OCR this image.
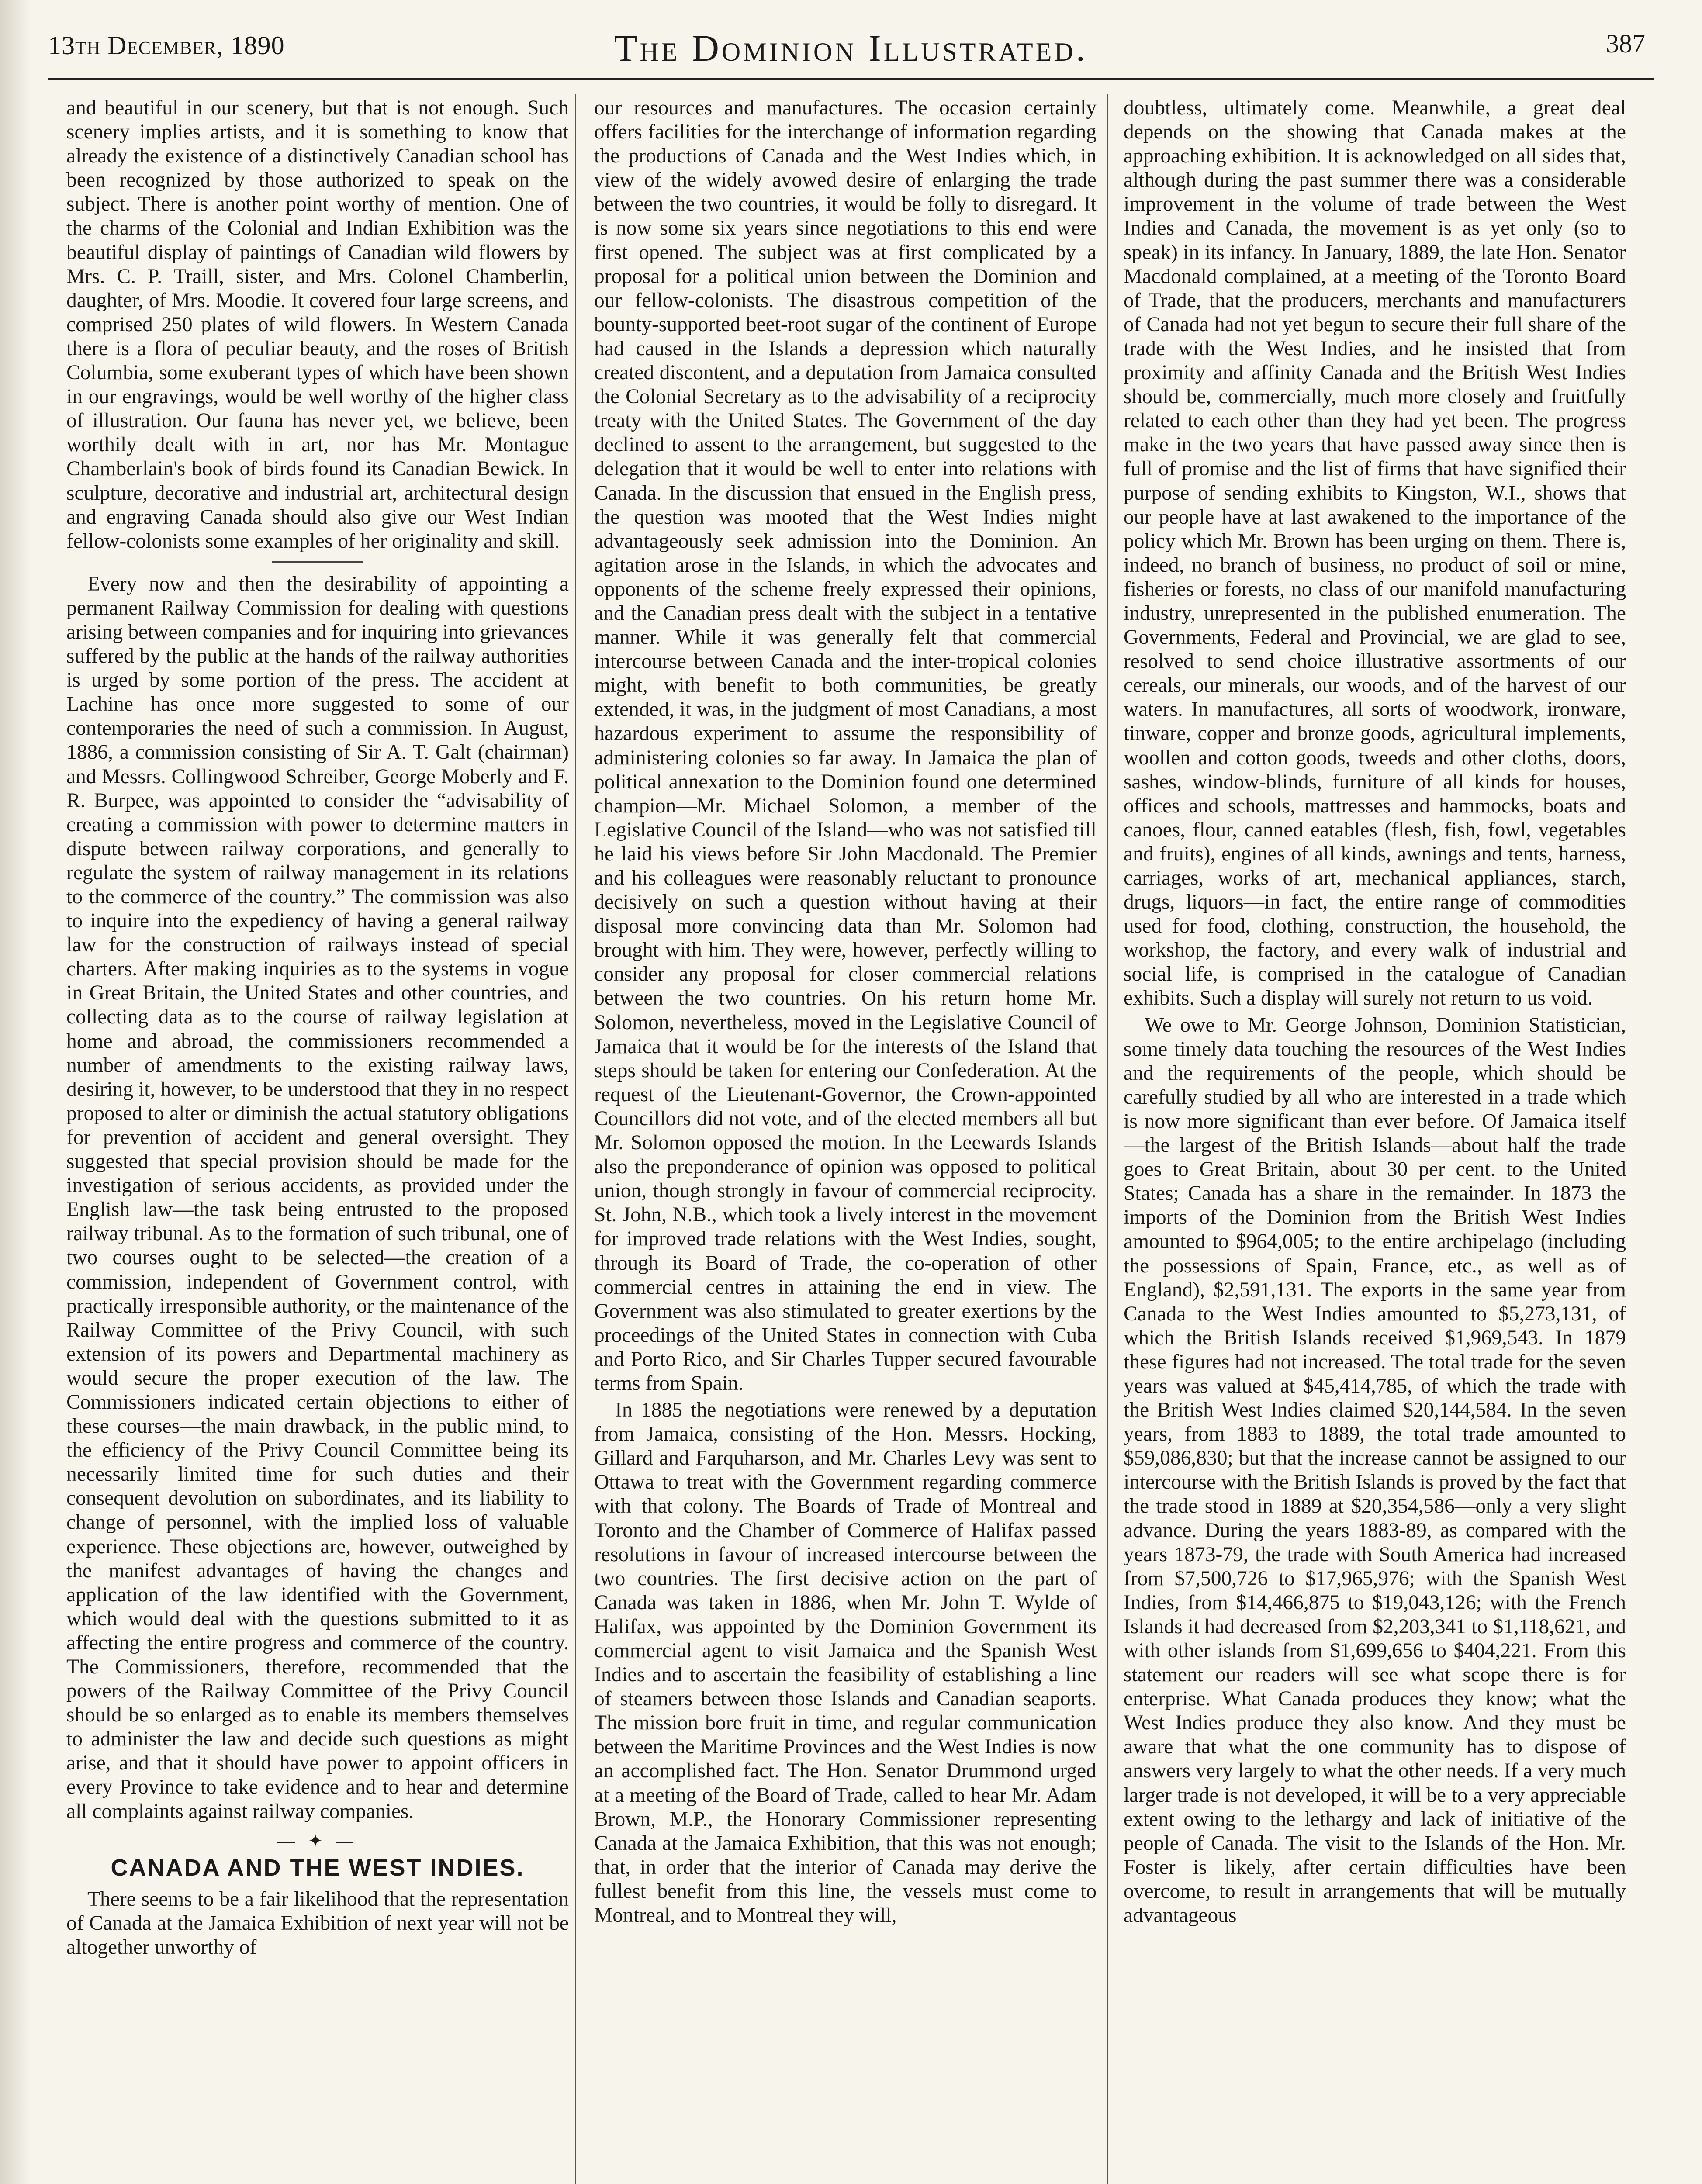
13th December, 1890	The Dominion Illustrated.	387

and beautiful in our scenery, but that is not enough. Such scenery implies artists, and it is something to know that already the existence of a distinctively Canadian school has been recognized by those authorized to speak on the subject. There is another point worthy of mention. One of the charms of the Colonial and Indian Exhibition was the beautiful display of paintings of Canadian wild flowers by Mrs. C. P. Traill, sister, and Mrs. Colonel Chamberlin, daughter, of Mrs. Moodie. It covered four large screens, and comprised 250 plates of wild flowers. In Western Canada there is a flora of peculiar beauty, and the roses of British Columbia, some exuberant types of which have been shown in our engravings, would be well worthy of the higher class of illustration. Our fauna has never yet, we believe, been worthily dealt with in art, nor has Mr. Montague Chamberlain's book of birds found its Canadian Bewick. In sculpture, decorative and industrial art, architectural design and engraving Canada should also give our West Indian fellow-colonists some examples of her originality and skill.

Every now and then the desirability of appointing a permanent Railway Commission for dealing with questions arising between companies and for inquiring into grievances suffered by the public at the hands of the railway authorities is urged by some portion of the press. The accident at Lachine has once more suggested to some of our contemporaries the need of such a commission. In August, 1886, a commission consisting of Sir A. T. Galt (chairman) and Messrs. Collingwood Schreiber, George Moberly and F. R. Burpee, was appointed to consider the “advisability of creating a commission with power to determine matters in dispute between railway corporations, and generally to regulate the system of railway management in its relations to the commerce of the country.” The commission was also to inquire into the expediency of having a general railway law for the construction of railways instead of special charters. After making inquiries as to the systems in vogue in Great Britain, the United States and other countries, and collecting data as to the course of railway legislation at home and abroad, the commissioners recommended a number of amendments to the existing railway laws, desiring it, however, to be understood that they in no respect proposed to alter or diminish the actual statutory obligations for prevention of accident and general oversight. They suggested that special provision should be made for the investigation of serious accidents, as provided under the English law—the task being entrusted to the proposed railway tribunal. As to the formation of such tribunal, one of two courses ought to be selected—the creation of a commission, independent of Government control, with practically irresponsible authority, or the maintenance of the Railway Committee of the Privy Council, with such extension of its powers and Departmental machinery as would secure the proper execution of the law. The Commissioners indicated certain objections to either of these courses—the main drawback, in the public mind, to the efficiency of the Privy Council Committee being its necessarily limited time for such duties and their consequent devolution on subordinates, and its liability to change of personnel, with the implied loss of valuable experience. These objections are, however, outweighed by the manifest advantages of having the changes and application of the law identified with the Government, which would deal with the questions submitted to it as affecting the entire progress and commerce of the country. The Commissioners, therefore, recommended that the powers of the Railway Committee of the Privy Council should be so enlarged as to enable its members themselves to administer the law and decide such questions as might arise, and that it should have power to appoint officers in every Province to take evidence and to hear and determine all complaints against railway companies.

— ✦ —
CANADA AND THE WEST INDIES.

There seems to be a fair likelihood that the representation of Canada at the Jamaica Exhibition of next year will not be altogether unworthy of

our resources and manufactures. The occasion certainly offers facilities for the interchange of information regarding the productions of Canada and the West Indies which, in view of the widely avowed desire of enlarging the trade between the two countries, it would be folly to disregard. It is now some six years since negotiations to this end were first opened. The subject was at first complicated by a proposal for a political union between the Dominion and our fellow-colonists. The disastrous competition of the bounty-supported beet-root sugar of the continent of Europe had caused in the Islands a depression which naturally created discontent, and a deputation from Jamaica consulted the Colonial Secretary as to the advisability of a reciprocity treaty with the United States. The Government of the day declined to assent to the arrangement, but suggested to the delegation that it would be well to enter into relations with Canada. In the discussion that ensued in the English press, the question was mooted that the West Indies might advantageously seek admission into the Dominion. An agitation arose in the Islands, in which the advocates and opponents of the scheme freely expressed their opinions, and the Canadian press dealt with the subject in a tentative manner. While it was generally felt that commercial intercourse between Canada and the inter-tropical colonies might, with benefit to both communities, be greatly extended, it was, in the judgment of most Canadians, a most hazardous experiment to assume the responsibility of administering colonies so far away. In Jamaica the plan of political annexation to the Dominion found one determined champion—Mr. Michael Solomon, a member of the Legislative Council of the Island—who was not satisfied till he laid his views before Sir John Macdonald. The Premier and his colleagues were reasonably reluctant to pronounce decisively on such a question without having at their disposal more convincing data than Mr. Solomon had brought with him. They were, however, perfectly willing to consider any proposal for closer commercial relations between the two countries. On his return home Mr. Solomon, nevertheless, moved in the Legislative Council of Jamaica that it would be for the interests of the Island that steps should be taken for entering our Confederation. At the request of the Lieutenant-Governor, the Crown-appointed Councillors did not vote, and of the elected members all but Mr. Solomon opposed the motion. In the Leewards Islands also the preponderance of opinion was opposed to political union, though strongly in favour of commercial reciprocity. St. John, N.B., which took a lively interest in the movement for improved trade relations with the West Indies, sought, through its Board of Trade, the co-operation of other commercial centres in attaining the end in view. The Government was also stimulated to greater exertions by the proceedings of the United States in connection with Cuba and Porto Rico, and Sir Charles Tupper secured favourable terms from Spain.

In 1885 the negotiations were renewed by a deputation from Jamaica, consisting of the Hon. Messrs. Hocking, Gillard and Farquharson, and Mr. Charles Levy was sent to Ottawa to treat with the Government regarding commerce with that colony. The Boards of Trade of Montreal and Toronto and the Chamber of Commerce of Halifax passed resolutions in favour of increased intercourse between the two countries. The first decisive action on the part of Canada was taken in 1886, when Mr. John T. Wylde of Halifax, was appointed by the Dominion Government its commercial agent to visit Jamaica and the Spanish West Indies and to ascertain the feasibility of establishing a line of steamers between those Islands and Canadian seaports. The mission bore fruit in time, and regular communication between the Maritime Provinces and the West Indies is now an accomplished fact. The Hon. Senator Drummond urged at a meeting of the Board of Trade, called to hear Mr. Adam Brown, M.P., the Honorary Commissioner representing Canada at the Jamaica Exhibition, that this was not enough; that, in order that the interior of Canada may derive the fullest benefit from this line, the vessels must come to Montreal, and to Montreal they will,

doubtless, ultimately come. Meanwhile, a great deal depends on the showing that Canada makes at the approaching exhibition. It is acknowledged on all sides that, although during the past summer there was a considerable improvement in the volume of trade between the West Indies and Canada, the movement is as yet only (so to speak) in its infancy. In January, 1889, the late Hon. Senator Macdonald complained, at a meeting of the Toronto Board of Trade, that the producers, merchants and manufacturers of Canada had not yet begun to secure their full share of the trade with the West Indies, and he insisted that from proximity and affinity Canada and the British West Indies should be, commercially, much more closely and fruitfully related to each other than they had yet been. The progress make in the two years that have passed away since then is full of promise and the list of firms that have signified their purpose of sending exhibits to Kingston, W.I., shows that our people have at last awakened to the importance of the policy which Mr. Brown has been urging on them. There is, indeed, no branch of business, no product of soil or mine, fisheries or forests, no class of our manifold manufacturing industry, unrepresented in the published enumeration. The Governments, Federal and Provincial, we are glad to see, resolved to send choice illustrative assortments of our cereals, our minerals, our woods, and of the harvest of our waters. In manufactures, all sorts of woodwork, ironware, tinware, copper and bronze goods, agricultural implements, woollen and cotton goods, tweeds and other cloths, doors, sashes, window-blinds, furniture of all kinds for houses, offices and schools, mattresses and hammocks, boats and canoes, flour, canned eatables (flesh, fish, fowl, vegetables and fruits), engines of all kinds, awnings and tents, harness, carriages, works of art, mechanical appliances, starch, drugs, liquors—in fact, the entire range of commodities used for food, clothing, construction, the household, the workshop, the factory, and every walk of industrial and social life, is comprised in the catalogue of Canadian exhibits. Such a display will surely not return to us void.

We owe to Mr. George Johnson, Dominion Statistician, some timely data touching the resources of the West Indies and the requirements of the people, which should be carefully studied by all who are interested in a trade which is now more significant than ever before. Of Jamaica itself—the largest of the British Islands—about half the trade goes to Great Britain, about 30 per cent. to the United States; Canada has a share in the remainder. In 1873 the imports of the Dominion from the British West Indies amounted to $964,005; to the entire archipelago (including the possessions of Spain, France, etc., as well as of England), $2,591,131. The exports in the same year from Canada to the West Indies amounted to $5,273,131, of which the British Islands received $1,969,543. In 1879 these figures had not increased. The total trade for the seven years was valued at $45,414,785, of which the trade with the British West Indies claimed $20,144,584. In the seven years, from 1883 to 1889, the total trade amounted to $59,086,830; but that the increase cannot be assigned to our intercourse with the British Islands is proved by the fact that the trade stood in 1889 at $20,354,586—only a very slight advance. During the years 1883-89, as compared with the years 1873-79, the trade with South America had increased from $7,500,726 to $17,965,976; with the Spanish West Indies, from $14,466,875 to $19,043,126; with the French Islands it had decreased from $2,203,341 to $1,118,621, and with other islands from $1,699,656 to $404,221. From this statement our readers will see what scope there is for enterprise. What Canada produces they know; what the West Indies produce they also know. And they must be aware that what the one community has to dispose of answers very largely to what the other needs. If a very much larger trade is not developed, it will be to a very appreciable extent owing to the lethargy and lack of initiative of the people of Canada. The visit to the Islands of the Hon. Mr. Foster is likely, after certain difficulties have been overcome, to result in arrangements that will be mutually advantageous
